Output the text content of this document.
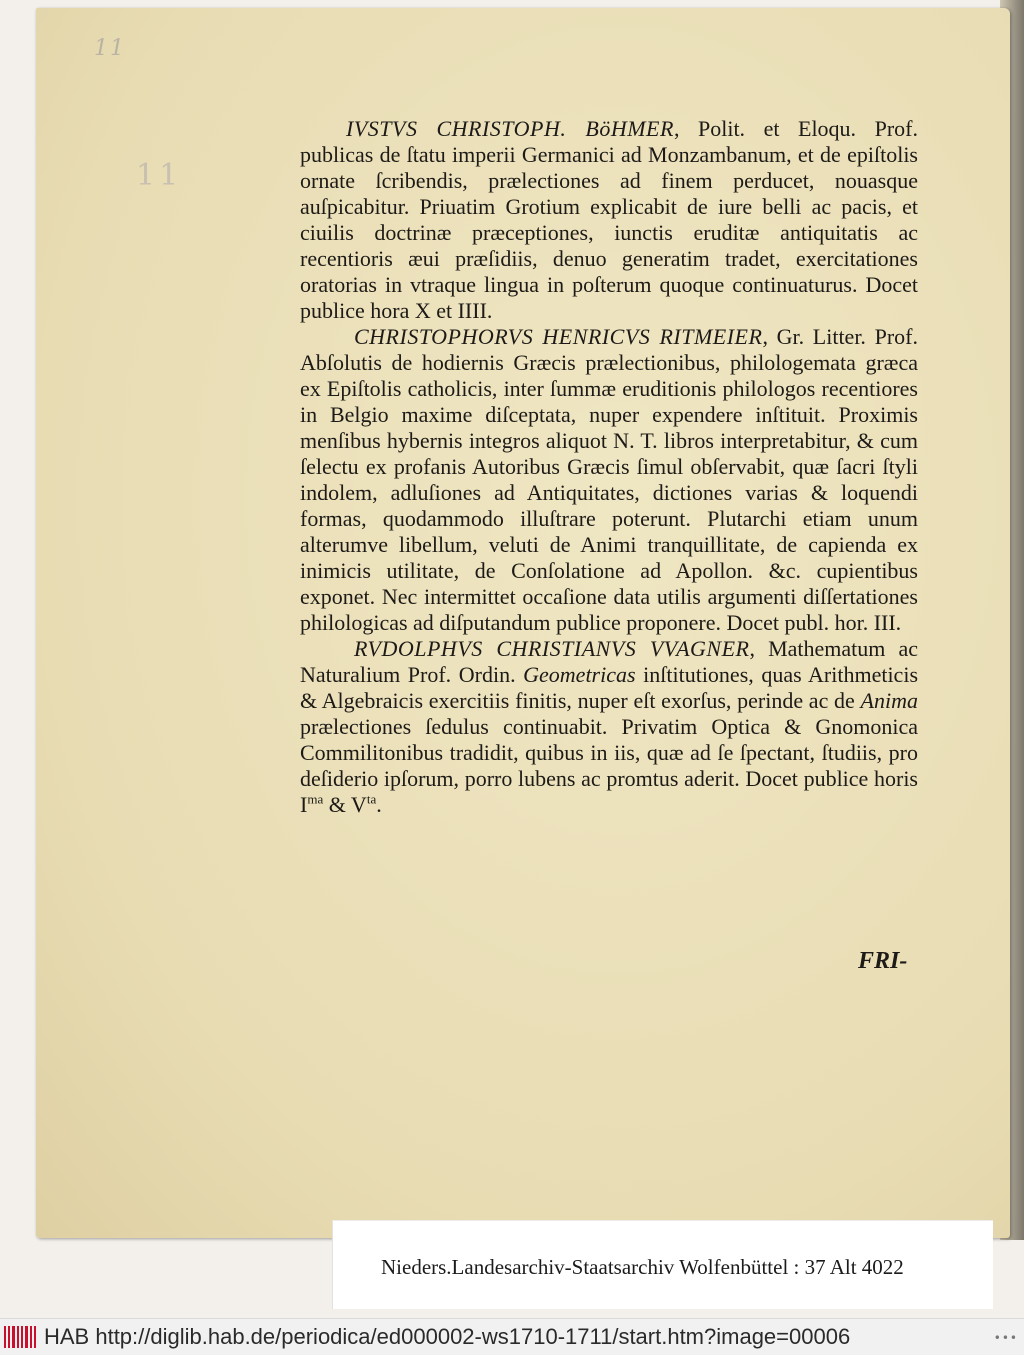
11
11

IVSTVS CHRISTOPH. BöHMER, Polit. et Eloqu. Prof. publicas de ſtatu imperii Germanici ad Monzambanum, et de epiſtolis ornate ſcribendis, prælectiones ad finem perducet, nouasque auſpicabitur. Priuatim Grotium explicabit de iure belli ac pacis, et ciuilis doctrinæ præceptiones, iunctis eruditæ antiquitatis ac recentioris æui præſidiis, denuo generatim tradet, exercitationes oratorias in vtraque lingua in poſterum quoque continuaturus. Docet publice hora X et IIII.

CHRISTOPHORVS HENRICVS RITMEIER, Gr. Litter. Prof. Abſolutis de hodiernis Græcis prælectionibus, philologemata græca ex Epiſtolis catholicis, inter ſummæ eruditionis philologos recentiores in Belgio maxime diſceptata, nuper expendere inſtituit. Proximis menſibus hybernis integros aliquot N. T. libros interpretabitur, & cum ſelectu ex profanis Autoribus Græcis ſimul obſervabit, quæ ſacri ſtyli indolem, adluſiones ad Antiquitates, dictiones varias & loquendi formas, quodammodo illuſtrare poterunt. Plutarchi etiam unum alterumve libellum, veluti de Animi tranquillitate, de capienda ex inimicis utilitate, de Conſolatione ad Apollon. &c. cupientibus exponet. Nec intermittet occaſione data utilis argumenti diſſertationes philologicas ad diſputandum publice proponere. Docet publ. hor. III.

RVDOLPHVS CHRISTIANVS VVAGNER, Mathematum ac Naturalium Prof. Ordin. Geometricas inſtitutiones, quas Arithmeticis & Algebraicis exercitiis finitis, nuper eſt exorſus, perinde ac de Anima prælectiones ſedulus continuabit. Privatim Optica & Gnomonica Commilitonibus tradidit, quibus in iis, quæ ad ſe ſpectant, ſtudiis, pro deſiderio ipſorum, porro lubens ac promtus aderit. Docet publice horis $I^{ma}$ & $V^{ta}$.

FRI-
Nieders.Landesarchiv-Staatsarchiv Wolfenbüttel : 37 Alt 4022
HAB http://diglib.hab.de/periodica/ed000002-ws1710-1711/start.htm?image=00006	•••
